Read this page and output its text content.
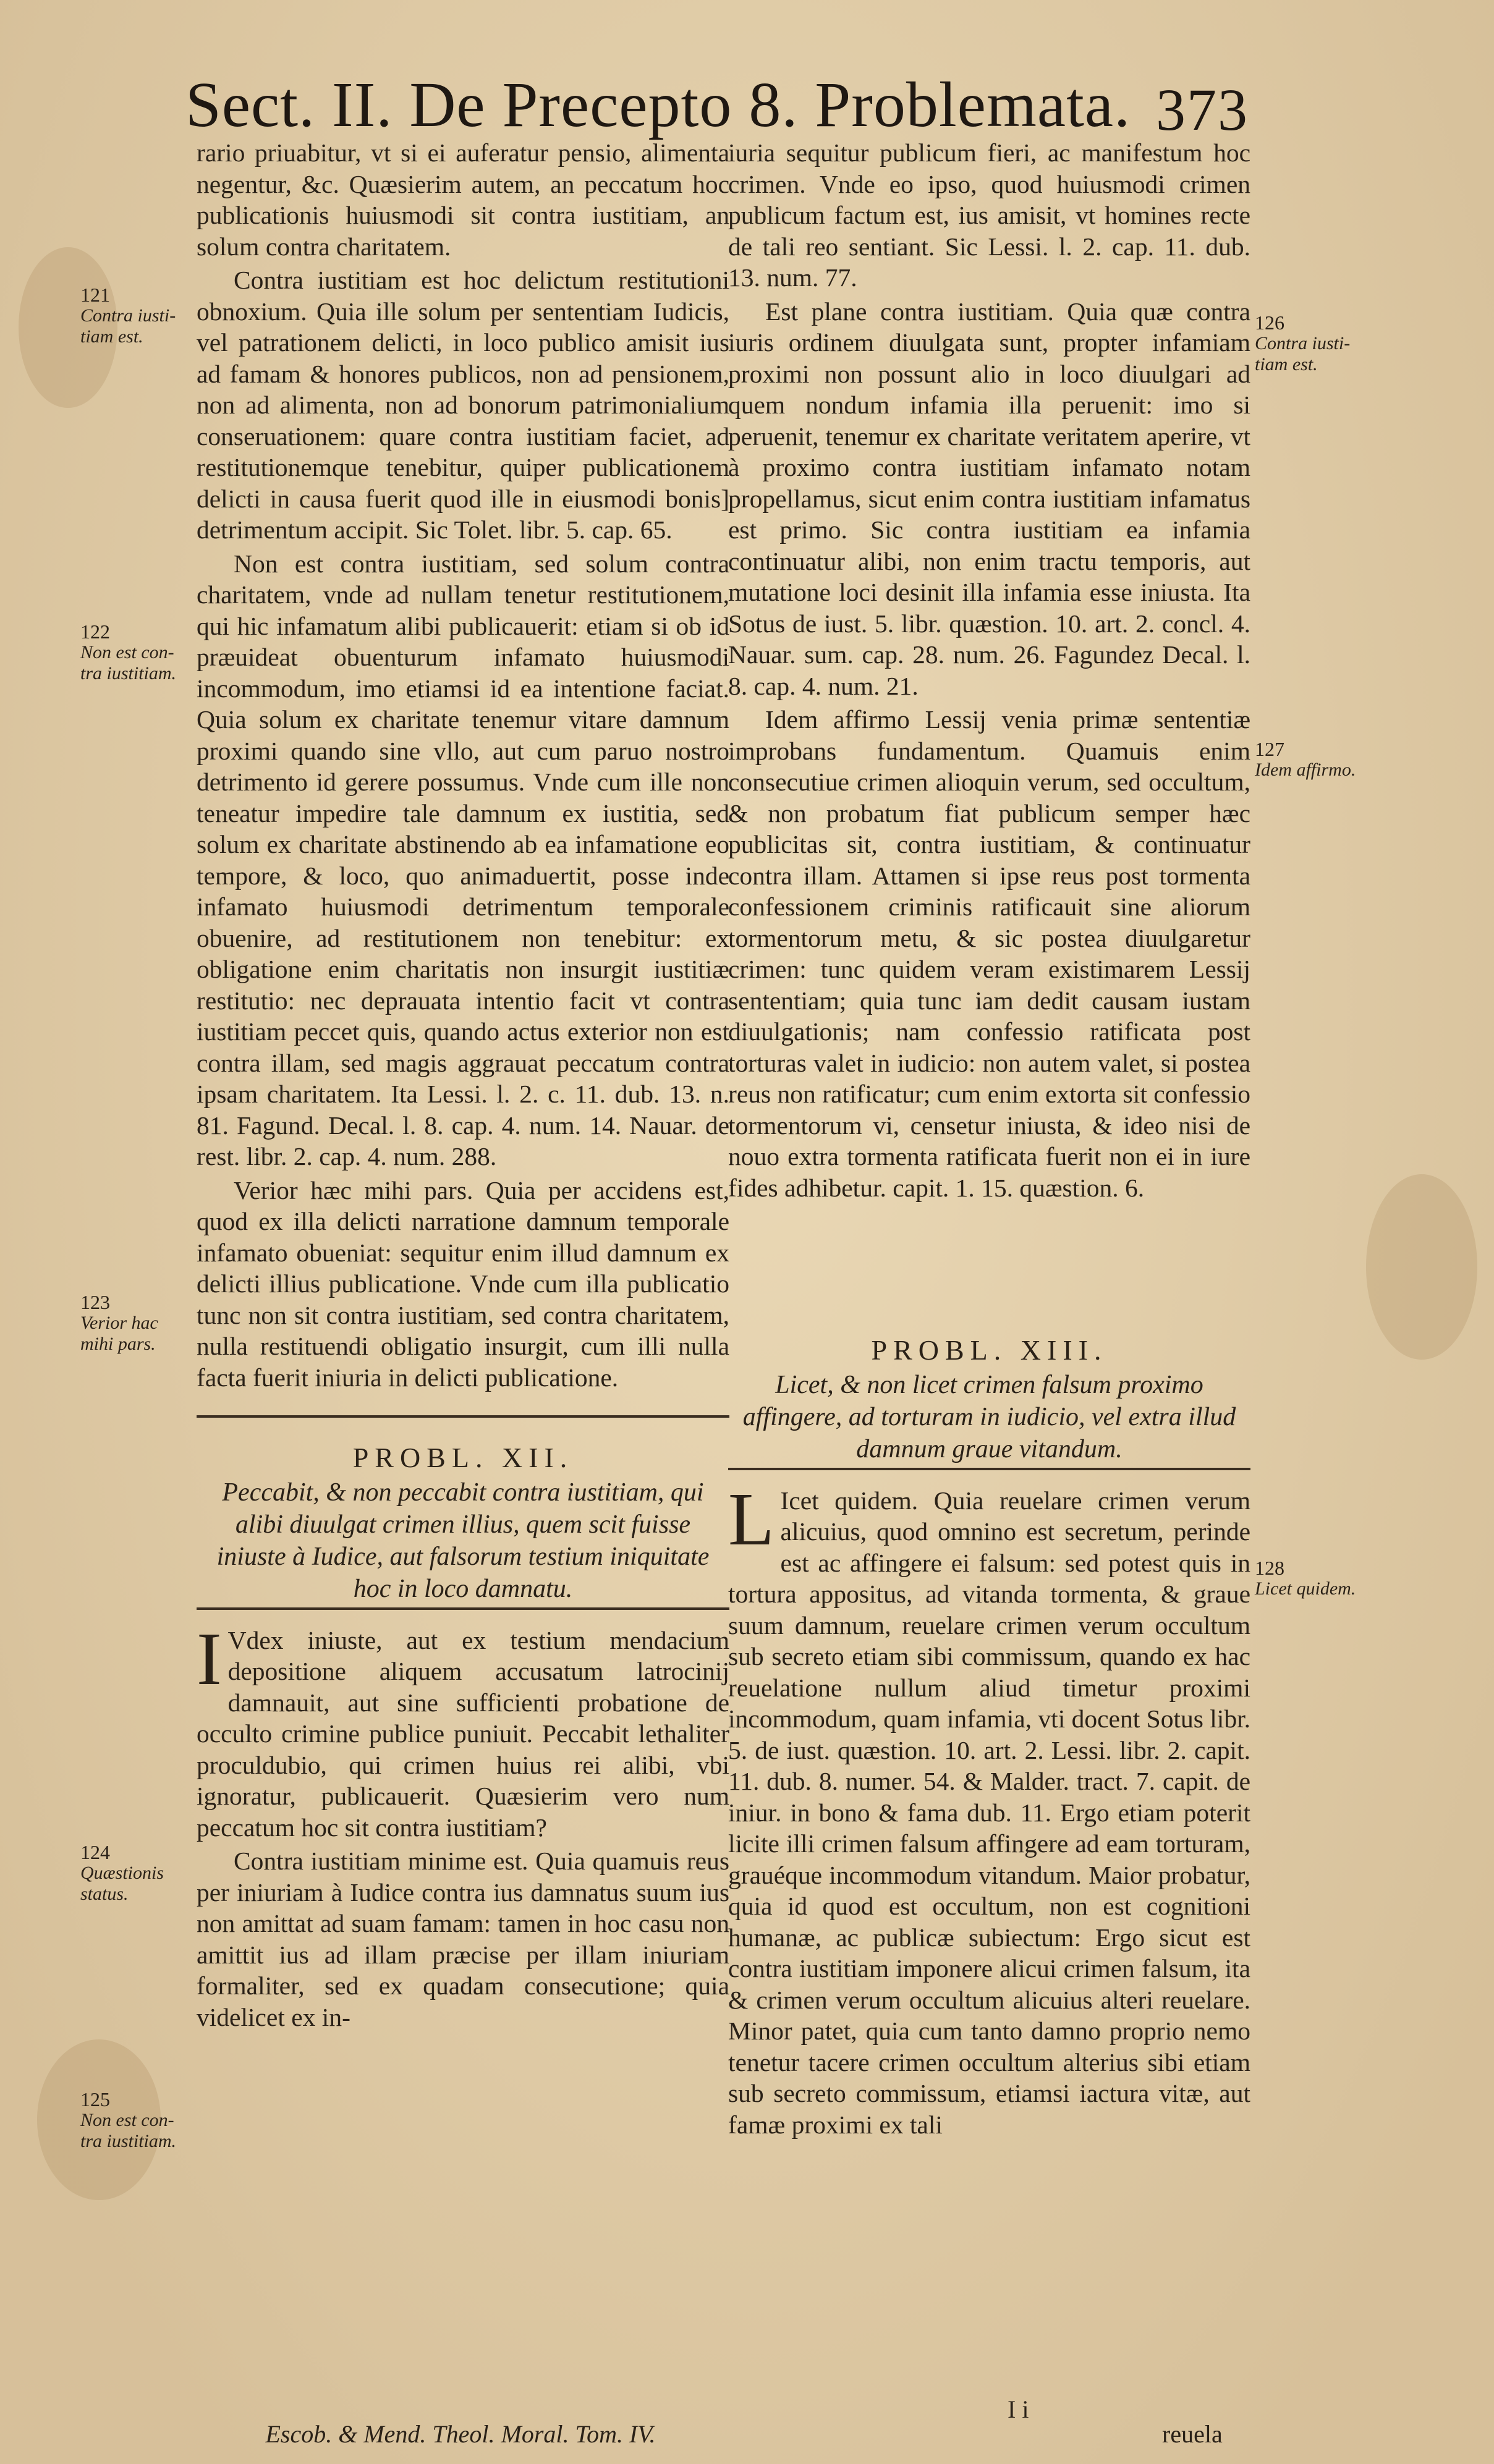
Sect. II. De Precepto 8. Problemata. 373
121
Contra iusti- tiam est.
122
Non est con- tra iustitiam.
123
Verior hac mihi pars.
124
Quæstionis status.
125
Non est con- tra iustitiam.
126
Contra iusti- tiam est.
127
Idem affirmo.
128
Licet quidem.

rario priuabitur, vt si ei auferatur pensio, alimenta negentur, &c. Quæsierim autem, an peccatum hoc publicationis huiusmodi sit contra iustitiam, an solum contra charitatem.

Contra iustitiam est hoc delictum restitutioni obnoxium. Quia ille solum per sententiam Iudicis, vel patrationem delicti, in loco publico amisit ius ad famam & honores publicos, non ad pensionem, non ad alimenta, non ad bonorum patrimonialium conseruationem: quare contra iustitiam faciet, ad restitutionemque tenebitur, quiper publicationem delicti in causa fuerit quod ille in eiusmodi bonis] detrimentum accipit. Sic Tolet. libr. 5. cap. 65.

Non est contra iustitiam, sed solum contra charitatem, vnde ad nullam tenetur restitutionem, qui hic infamatum alibi publicauerit: etiam si ob id præuideat obuenturum infamato huiusmodi incommodum, imo etiamsi id ea intentione faciat. Quia solum ex charitate tenemur vitare damnum proximi quando sine vllo, aut cum paruo nostro detrimento id gerere possumus. Vnde cum ille non teneatur impedire tale damnum ex iustitia, sed solum ex charitate abstinendo ab ea infamatione eo tempore, & loco, quo animaduertit, posse inde infamato huiusmodi detrimentum temporale obuenire, ad restitutionem non tenebitur: ex obligatione enim charitatis non insurgit iustitiæ restitutio: nec deprauata intentio facit vt contra iustitiam peccet quis, quando actus exterior non est contra illam, sed magis aggrauat peccatum contra ipsam charitatem. Ita Lessi. l. 2. c. 11. dub. 13. n. 81. Fagund. Decal. l. 8. cap. 4. num. 14. Nauar. de rest. libr. 2. cap. 4. num. 288.

Verior hæc mihi pars. Quia per accidens est, quod ex illa delicti narratione damnum temporale infamato obueniat: sequitur enim illud damnum ex delicti illius publicatione. Vnde cum illa publicatio tunc non sit contra iustitiam, sed contra charitatem, nulla restituendi obligatio insurgit, cum illi nulla facta fuerit iniuria in delicti publicatione.

PROBL. XII.

Peccabit, & non peccabit contra iustitiam, qui alibi diuulgat crimen illius, quem scit fuisse iniuste à Iudice, aut falsorum testium iniquitate hoc in loco damnatu.

I Vdex iniuste, aut ex testium mendacium depositione aliquem accusatum latrocinij damnauit, aut sine sufficienti probatione de occulto crimine publice puniuit. Peccabit lethaliter proculdubio, qui crimen huius rei alibi, vbi ignoratur, publicauerit. Quæsierim vero num peccatum hoc sit contra iustitiam?

Contra iustitiam minime est. Quia quamuis reus per iniuriam à Iudice contra ius damnatus suum ius non amittat ad suam famam: tamen in hoc casu non amittit ius ad illam præcise per illam iniuriam formaliter, sed ex quadam consecutione; quia videlicet ex in-

Escob. & Mend. Theol. Moral. Tom. IV.

iuria sequitur publicum fieri, ac manifestum hoc crimen. Vnde eo ipso, quod huiusmodi crimen publicum factum est, ius amisit, vt homines recte de tali reo sentiant. Sic Lessi. l. 2. cap. 11. dub. 13. num. 77.

Est plane contra iustitiam. Quia quæ contra iuris ordinem diuulgata sunt, propter infamiam proximi non possunt alio in loco diuulgari ad quem nondum infamia illa peruenit: imo si peruenit, tenemur ex charitate veritatem aperire, vt à proximo contra iustitiam infamato notam propellamus, sicut enim contra iustitiam infamatus est primo. Sic contra iustitiam ea infamia continuatur alibi, non enim tractu temporis, aut mutatione loci desinit illa infamia esse iniusta. Ita Sotus de iust. 5. libr. quæstion. 10. art. 2. concl. 4. Nauar. sum. cap. 28. num. 26. Fagundez Decal. l. 8. cap. 4. num. 21.

Idem affirmo Lessij venia primæ sententiæ improbans fundamentum. Quamuis enim consecutiue crimen alioquin verum, sed occultum, & non probatum fiat publicum semper hæc publicitas sit, contra iustitiam, & continuatur contra illam. Attamen si ipse reus post tormenta confessionem criminis ratificauit sine aliorum tormentorum metu, & sic postea diuulgaretur crimen: tunc quidem veram existimarem Lessij sententiam; quia tunc iam dedit causam iustam diuulgationis; nam confessio ratificata post torturas valet in iudicio: non autem valet, si postea reus non ratificatur; cum enim extorta sit confessio tormentorum vi, censetur iniusta, & ideo nisi de nouo extra tormenta ratificata fuerit non ei in iure fides adhibetur. capit. 1. 15. quæstion. 6.

PROBL. XIII.

Licet, & non licet crimen falsum proximo affingere, ad torturam in iudicio, vel extra illud damnum graue vitandum.

L Icet quidem. Quia reuelare crimen verum alicuius, quod omnino est secretum, perinde est ac affingere ei falsum: sed potest quis in tortura appositus, ad vitanda tormenta, & graue suum damnum, reuelare crimen verum occultum sub secreto etiam sibi commissum, quando ex hac reuelatione nullum aliud timetur proximi incommodum, quam infamia, vti docent Sotus libr. 5. de iust. quæstion. 10. art. 2. Lessi. libr. 2. capit. 11. dub. 8. numer. 54. & Malder. tract. 7. capit. de iniur. in bono & fama dub. 11. Ergo etiam poterit licite illi crimen falsum affingere ad eam torturam, grauéque incommodum vitandum. Maior probatur, quia id quod est occultum, non est cognitioni humanæ, ac publicæ subiectum: Ergo sicut est contra iustitiam imponere alicui crimen falsum, ita & crimen verum occultum alicuius alteri reuelare. Minor patet, quia cum tanto damno proprio nemo tenetur tacere crimen occultum alterius sibi etiam sub secreto commissum, etiamsi iactura vitæ, aut famæ proximi ex tali

I i
reuela
